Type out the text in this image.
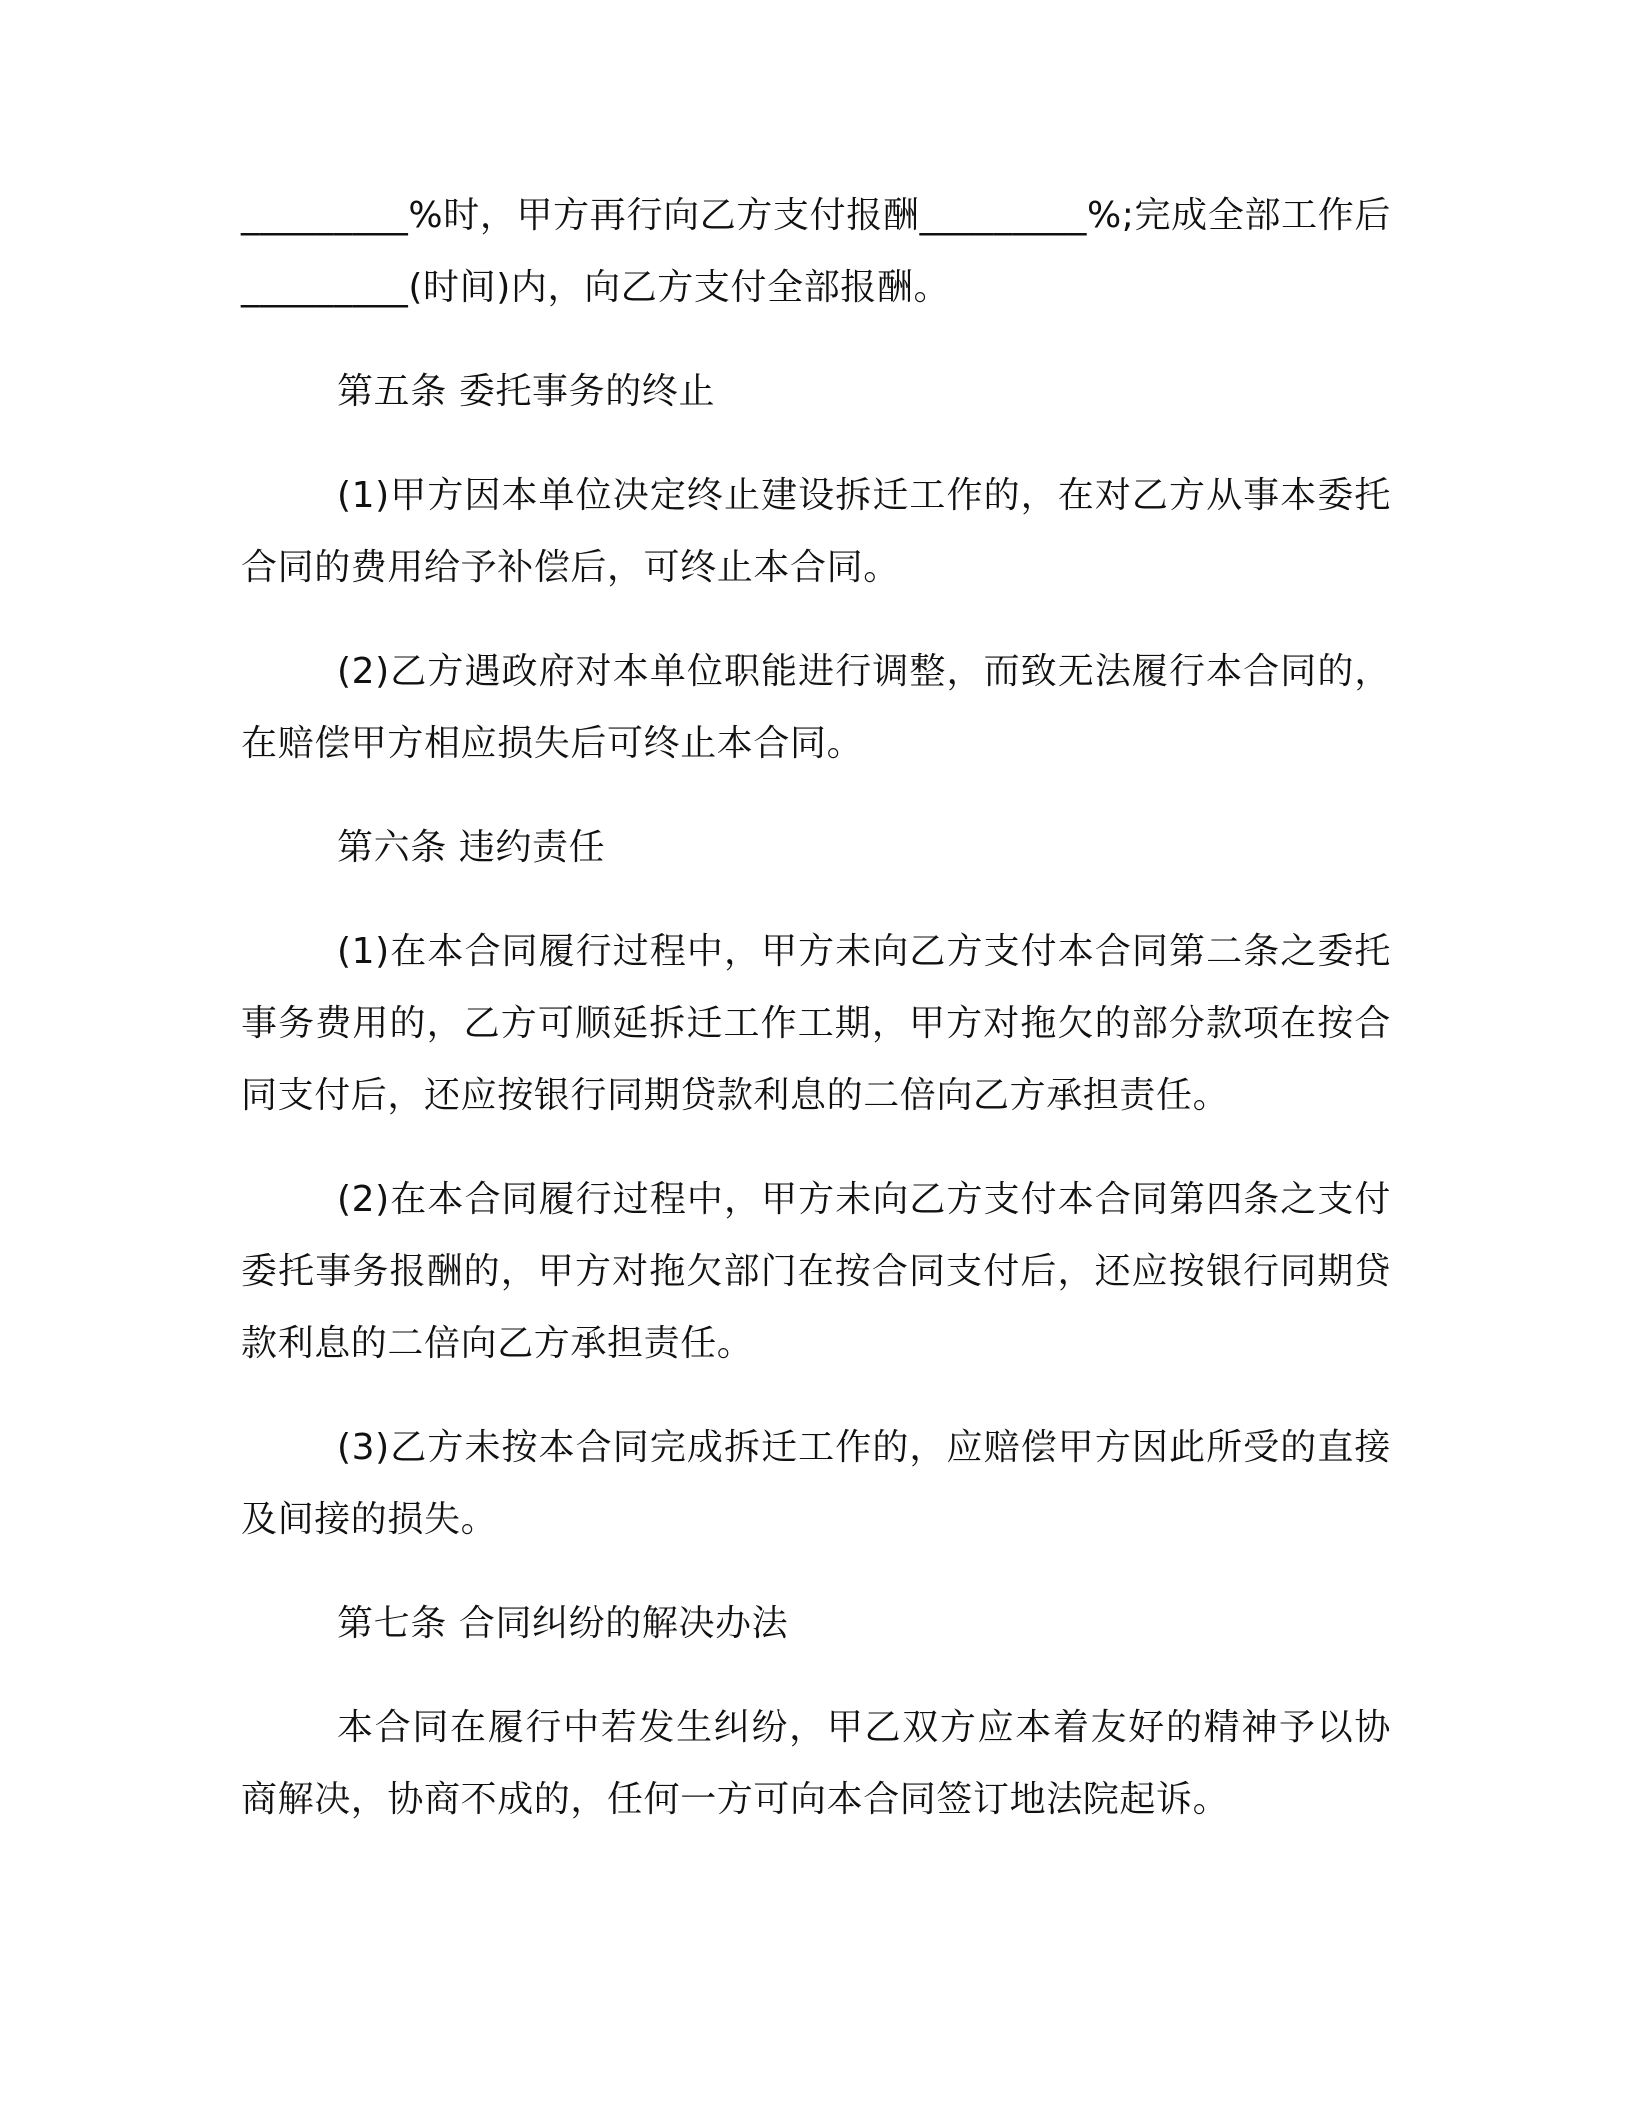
_________%时，甲方再行向乙方支付报酬_________%;完成全部工作后_________(时间)内，向乙方支付全部报酬。

第五条 委托事务的终止

(1)甲方因本单位决定终止建设拆迁工作的，在对乙方从事本委托合同的费用给予补偿后，可终止本合同。

(2)乙方遇政府对本单位职能进行调整，而致无法履行本合同的，在赔偿甲方相应损失后可终止本合同。

第六条 违约责任

(1)在本合同履行过程中，甲方未向乙方支付本合同第二条之委托事务费用的，乙方可顺延拆迁工作工期，甲方对拖欠的部分款项在按合同支付后，还应按银行同期贷款利息的二倍向乙方承担责任。

(2)在本合同履行过程中，甲方未向乙方支付本合同第四条之支付委托事务报酬的，甲方对拖欠部门在按合同支付后，还应按银行同期贷款利息的二倍向乙方承担责任。

(3)乙方未按本合同完成拆迁工作的，应赔偿甲方因此所受的直接及间接的损失。

第七条 合同纠纷的解决办法

本合同在履行中若发生纠纷，甲乙双方应本着友好的精神予以协商解决，协商不成的，任何一方可向本合同签订地法院起诉。
